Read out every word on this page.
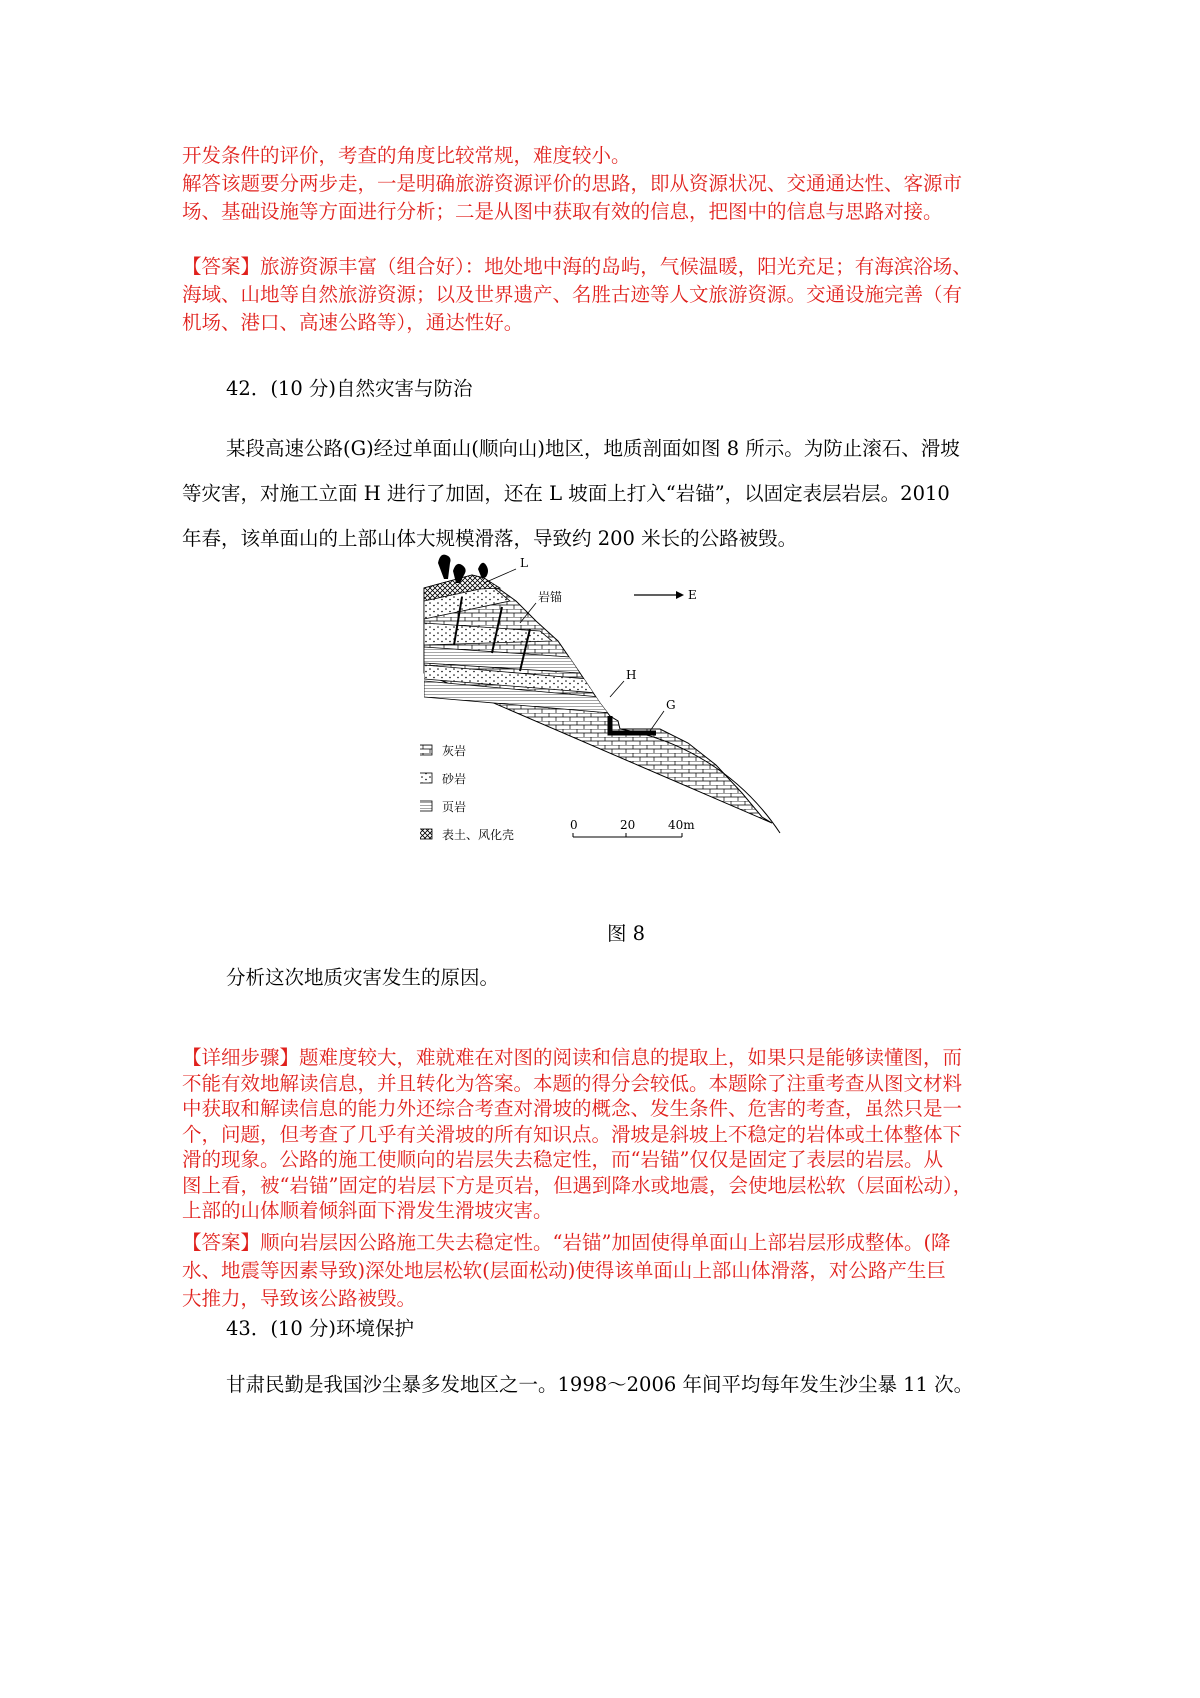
开发条件的评价，考查的角度比较常规，难度较小。

解答该题要分两步走，一是明确旅游资源评价的思路，即从资源状况、交通通达性、客源市

场、基础设施等方面进行分析；二是从图中获取有效的信息，把图中的信息与思路对接。

【答案】旅游资源丰富（组合好）：地处地中海的岛屿，气候温暖，阳光充足；有海滨浴场、

海域、山地等自然旅游资源；以及世界遗产、名胜古迹等人文旅游资源。交通设施完善（有

机场、港口、高速公路等），通达性好。

42．(10 分)自然灾害与防治

某段高速公路(G)经过单面山(顺向山)地区，地质剖面如图 8 所示。为防止滚石、滑坡

等灾害，对施工立面 H 进行了加固，还在 L 坡面上打入“岩锚”，以固定表层岩层。2010

年春，该单面山的上部山体大规模滑落，导致约 200 米长的公路被毁。

L
岩锚
H
G
E
灰岩
砂岩
页岩
表土、风化壳
0	20	40m
图 8

分析这次地质灾害发生的原因。

【详细步骤】题难度较大，难就难在对图的阅读和信息的提取上，如果只是能够读懂图，而

不能有效地解读信息，并且转化为答案。本题的得分会较低。本题除了注重考查从图文材料

中获取和解读信息的能力外还综合考查对滑坡的概念、发生条件、危害的考查，虽然只是一

个，问题，但考查了几乎有关滑坡的所有知识点。滑坡是斜坡上不稳定的岩体或土体整体下

滑的现象。公路的施工使顺向的岩层失去稳定性，而“岩锚”仅仅是固定了表层的岩层。从

图上看，被“岩锚”固定的岩层下方是页岩，但遇到降水或地震，会使地层松软（层面松动），

上部的山体顺着倾斜面下滑发生滑坡灾害。

【答案】顺向岩层因公路施工失去稳定性。“岩锚”加固使得单面山上部岩层形成整体。(降

水、地震等因素导致)深处地层松软(层面松动)使得该单面山上部山体滑落，对公路产生巨

大推力，导致该公路被毁。

43．(10 分)环境保护

甘肃民勤是我国沙尘暴多发地区之一。1998～2006 年间平均每年发生沙尘暴 11 次。
